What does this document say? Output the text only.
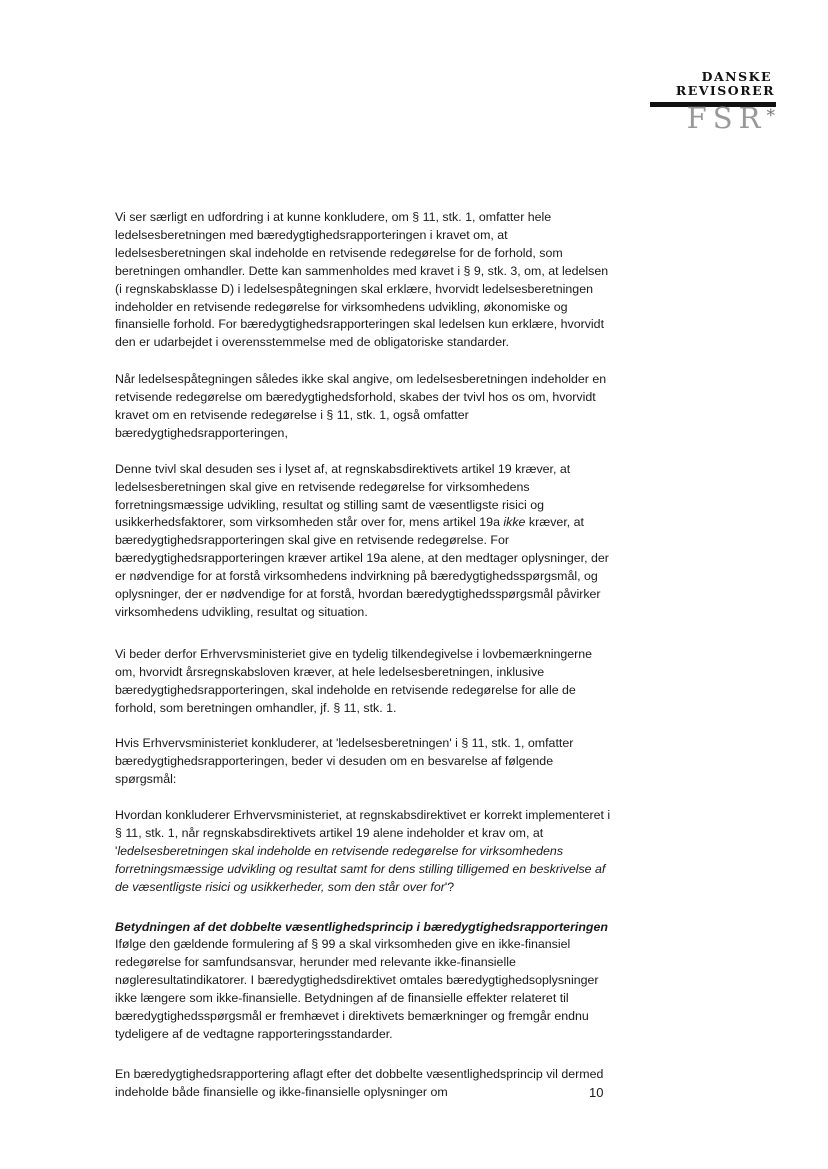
DANSKE
REVISORER
FSR*

Vi ser særligt en udfordring i at kunne konkludere, om § 11, stk. 1, omfatter hele ledelsesberetningen med bæredygtighedsrapporteringen i kravet om, at ledelsesberetningen skal indeholde en retvisende redegørelse for de forhold, som beretningen omhandler. Dette kan sammenholdes med kravet i § 9, stk. 3, om, at ledelsen (i regnskabsklasse D) i ledelsespåtegningen skal erklære, hvorvidt ledelsesberetningen indeholder en retvisende redegørelse for virksomhedens udvikling, økonomiske og finansielle forhold. For bæredygtighedsrapporteringen skal ledelsen kun erklære, hvorvidt den er udarbejdet i overensstemmelse med de obligatoriske standarder.

Når ledelsespåtegningen således ikke skal angive, om ledelsesberetningen indeholder en retvisende redegørelse om bæredygtighedsforhold, skabes der tvivl hos os om, hvorvidt kravet om en retvisende redegørelse i § 11, stk. 1, også omfatter bæredygtighedsrapporteringen,

Denne tvivl skal desuden ses i lyset af, at regnskabsdirektivets artikel 19 kræver, at ledelsesberetningen skal give en retvisende redegørelse for virksomhedens forretningsmæssige udvikling, resultat og stilling samt de væsentligste risici og usikkerhedsfaktorer, som virksomheden står over for, mens artikel 19a ikke kræver, at bæredygtighedsrapporteringen skal give en retvisende redegørelse. For bæredygtighedsrapporteringen kræver artikel 19a alene, at den medtager oplysninger, der er nødvendige for at forstå virksomhedens indvirkning på bæredygtighedsspørgsmål, og oplysninger, der er nødvendige for at forstå, hvordan bæredygtighedsspørgsmål påvirker virksomhedens udvikling, resultat og situation.

Vi beder derfor Erhvervsministeriet give en tydelig tilkendegivelse i lovbemærkningerne om, hvorvidt årsregnskabsloven kræver, at hele ledelsesberetningen, inklusive bæredygtighedsrapporteringen, skal indeholde en retvisende redegørelse for alle de forhold, som beretningen omhandler, jf. § 11, stk. 1.

Hvis Erhvervsministeriet konkluderer, at 'ledelsesberetningen' i § 11, stk. 1, omfatter bæredygtighedsrapporteringen, beder vi desuden om en besvarelse af følgende spørgsmål:

Hvordan konkluderer Erhvervsministeriet, at regnskabsdirektivet er korrekt implementeret i § 11, stk. 1, når regnskabsdirektivets artikel 19 alene indeholder et krav om, at 'ledelsesberetningen skal indeholde en retvisende redegørelse for virksomhedens forretningsmæssige udvikling og resultat samt for dens stilling tilligemed en beskrivelse af de væsentligste risici og usikkerheder, som den står over for'?

Betydningen af det dobbelte væsentlighedsprincip i bæredygtighedsrapporteringen
Ifølge den gældende formulering af § 99 a skal virksomheden give en ikke-finansiel redegørelse for samfundsansvar, herunder med relevante ikke-finansielle nøgleresultatindikatorer. I bæredygtighedsdirektivet omtales bæredygtighedsoplysninger ikke længere som ikke-finansielle. Betydningen af de finansielle effekter relateret til bæredygtighedsspørgsmål er fremhævet i direktivets bemærkninger og fremgår endnu tydeligere af de vedtagne rapporteringsstandarder.

En bæredygtighedsrapportering aflagt efter det dobbelte væsentlighedsprincip vil dermed indeholde både finansielle og ikke-finansielle oplysninger om	10
